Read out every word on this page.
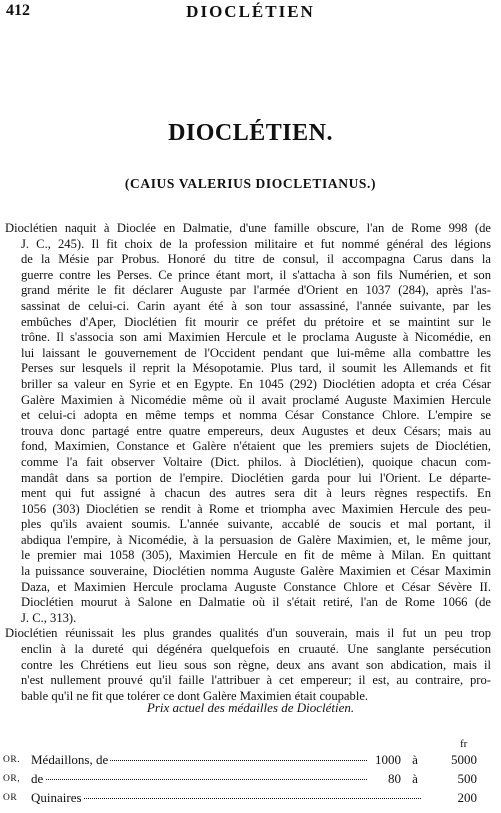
412	DIOCLÉTIEN
DIOCLÉTIEN.
(CAIUS VALERIUS DIOCLETIANUS.)
Dioclétien naquit à Dioclée en Dalmatie, d'une famille obscure, l'an de Rome 998 (de
J. C., 245). Il fit choix de la profession militaire et fut nommé général des légions
de la Mésie par Probus. Honoré du titre de consul, il accompagna Carus dans la
guerre contre les Perses. Ce prince étant mort, il s'attacha à son fils Numérien, et son
grand mérite le fit déclarer Auguste par l'armée d'Orient en 1037 (284), après l'as-
sassinat de celui-ci. Carin ayant été à son tour assassiné, l'année suivante, par les
embûches d'Aper, Dioclétien fit mourir ce préfet du prétoire et se maintint sur le
trône. Il s'associa son ami Maximien Hercule et le proclama Auguste à Nicomédie, en
lui laissant le gouvernement de l'Occident pendant que lui-même alla combattre les
Perses sur lesquels il reprit la Mésopotamie. Plus tard, il soumit les Allemands et fit
briller sa valeur en Syrie et en Egypte. En 1045 (292) Dioclétien adopta et créa César
Galère Maximien à Nicomédie même où il avait proclamé Auguste Maximien Hercule
et celui-ci adopta en même temps et nomma César Constance Chlore. L'empire se
trouva donc partagé entre quatre empereurs, deux Augustes et deux Césars; mais au
fond, Maximien, Constance et Galère n'étaient que les premiers sujets de Dioclétien,
comme l'a fait observer Voltaire (Dict. philos. à Dioclétien), quoique chacun com-
mandât dans sa portion de l'empire. Dioclétien garda pour lui l'Orient. Le départe-
ment qui fut assigné à chacun des autres sera dit à leurs règnes respectifs. En
1056 (303) Dioclétien se rendit à Rome et triompha avec Maximien Hercule des peu-
ples qu'ils avaient soumis. L'année suivante, accablé de soucis et mal portant, il
abdiqua l'empire, à Nicomédie, à la persuasion de Galère Maximien, et, le même jour,
le premier mai 1058 (305), Maximien Hercule en fit de même à Milan. En quittant
la puissance souveraine, Dioclétien nomma Auguste Galère Maximien et César Maximin
Daza, et Maximien Hercule proclama Auguste Constance Chlore et César Sévère II.
Dioclétien mourut à Salone en Dalmatie où il s'était retiré, l'an de Rome 1066 (de
J. C., 313).
Dioclétien réunissait les plus grandes qualités d'un souverain, mais il fut un peu trop
enclin à la dureté qui dégénéra quelquefois en cruauté. Une sanglante persécution
contre les Chrétiens eut lieu sous son règne, deux ans avant son abdication, mais il
n'est nullement prouvé qu'il faille l'attribuer à cet empereur; il est, au contraire, pro-
bable qu'il ne fit que tolérer ce dont Galère Maximien était coupable.
Prix actuel des médailles de Dioclétien.
fr
OR. Médaillons, de	1000 à	5000
OR, de	80 à	500
OR Quinaires	200
